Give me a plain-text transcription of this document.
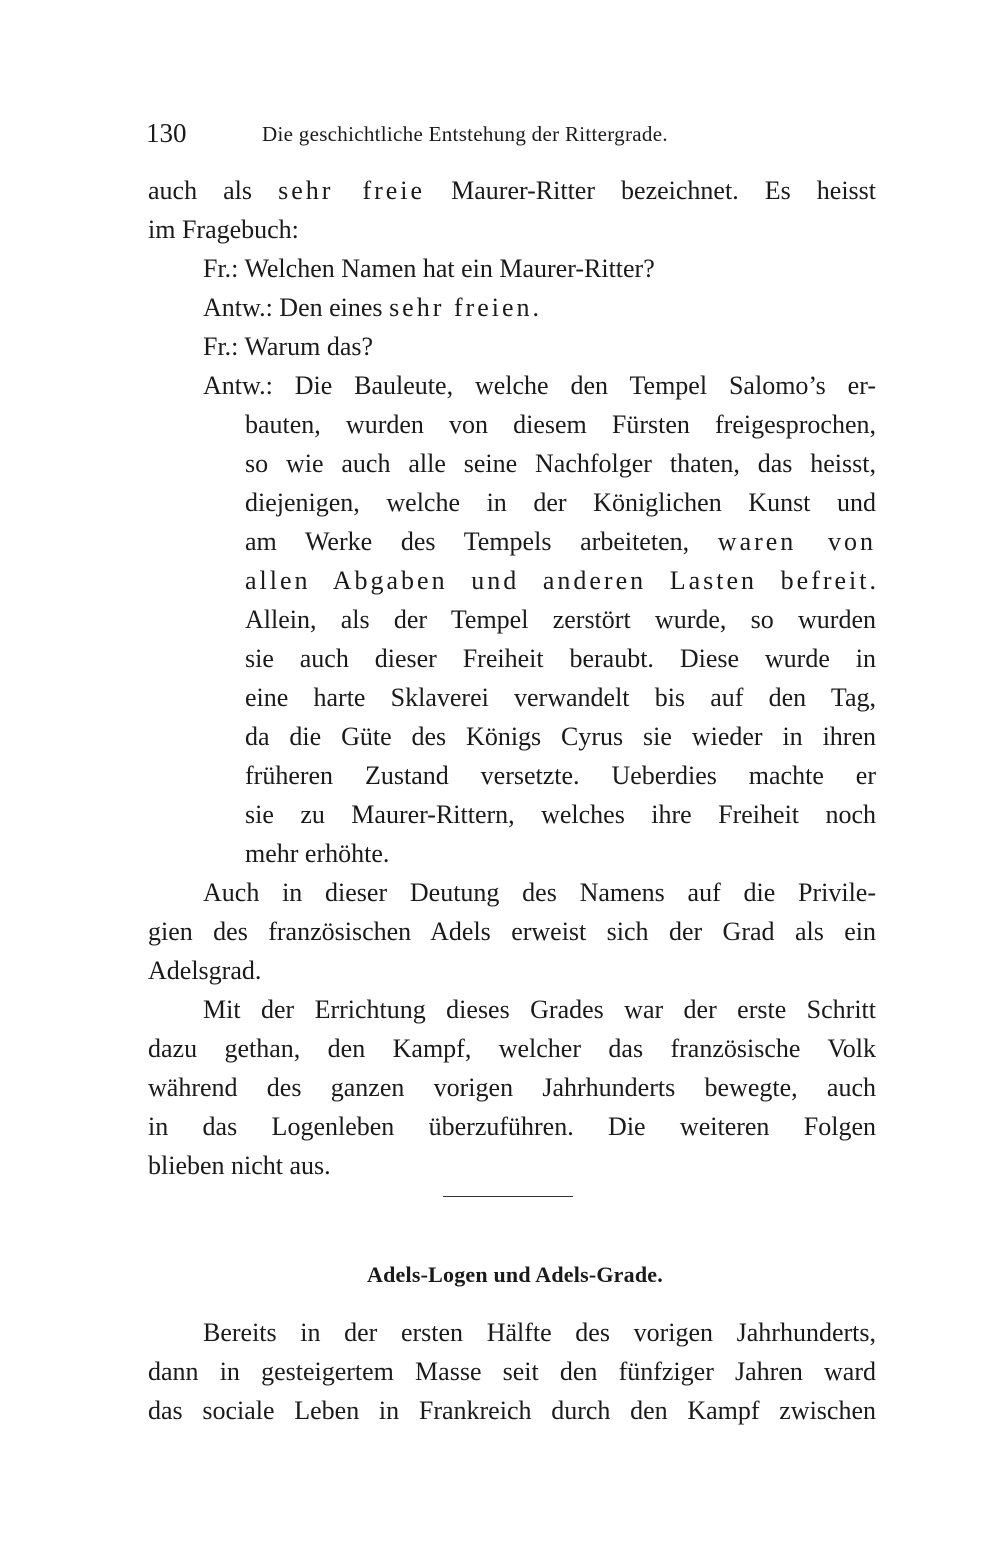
130	Die geschichtliche Entstehung der Rittergrade.
auch als sehr freie Maurer-Ritter bezeichnet. Es heisst
im Fragebuch:
Fr.: Welchen Namen hat ein Maurer-Ritter?
Antw.: Den eines sehr freien.
Fr.: Warum das?
Antw.: Die Bauleute, welche den Tempel Salomo’s er-
bauten, wurden von diesem Fürsten freigesprochen,
so wie auch alle seine Nachfolger thaten, das heisst,
diejenigen, welche in der Königlichen Kunst und
am Werke des Tempels arbeiteten, waren von
allen Abgaben und anderen Lasten befreit.
Allein, als der Tempel zerstört wurde, so wurden
sie auch dieser Freiheit beraubt. Diese wurde in
eine harte Sklaverei verwandelt bis auf den Tag,
da die Güte des Königs Cyrus sie wieder in ihren
früheren Zustand versetzte. Ueberdies machte er
sie zu Maurer-Rittern, welches ihre Freiheit noch
mehr erhöhte.
Auch in dieser Deutung des Namens auf die Privile-
gien des französischen Adels erweist sich der Grad als ein
Adelsgrad.
Mit der Errichtung dieses Grades war der erste Schritt
dazu gethan, den Kampf, welcher das französische Volk
während des ganzen vorigen Jahrhunderts bewegte, auch
in das Logenleben überzuführen. Die weiteren Folgen
blieben nicht aus.
Bereits in der ersten Hälfte des vorigen Jahrhunderts,
dann in gesteigertem Masse seit den fünfziger Jahren ward
das sociale Leben in Frankreich durch den Kampf zwischen
Adels-Logen und Adels-Grade.
